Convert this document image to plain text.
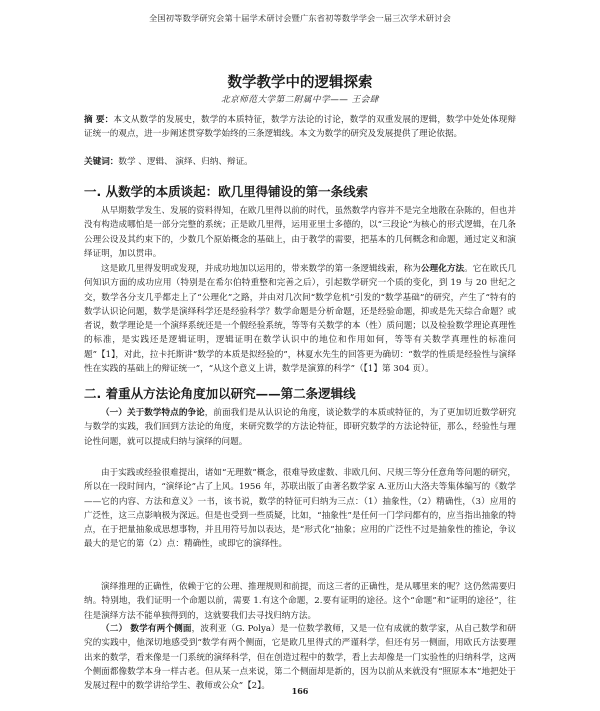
全国初等数学研究会第十届学术研讨会暨广东省初等数学学会一届三次学术研讨会
数学教学中的逻辑探索
北京师范大学第二附属中学—— 王会肆
摘 要：本文从数学的发展史，数学的本质特征，数学方法论的讨论，数学的双重发展的逻辑，数学中处处体现辩证统一的观点，进一步阐述贯穿数学始终的三条逻辑线。本文为数学的研究及发展提供了理论依据。
关键词：数学 、逻辑、 演绎、归纳、辩证。
一. 从数学的本质谈起：欧几里得铺设的第一条线索
从早期数学发生、发展的资料得知，在欧几里得以前的时代，虽然数学内容并不是完全地散在杂陈的，但也并没有构造成哪怕是一部分完整的系统；正是欧几里得，运用亚里士多德的，以“三段论”为核心的形式逻辑，在几条公理公设及其约束下的，少数几个原始概念的基础上，由于教学的需要，把基本的几何概念和命题，通过定义和演绎证明，加以贯串。
这是欧几里得发明或发现，并成功地加以运用的，带来数学的第一条逻辑线索，称为公理化方法。它在欧氏几何知识方面的成功应用（特别是在希尔伯特重整和完善之后），引起数学研究一个质的变化，到 19 与 20 世纪之交，数学各分支几乎都走上了“公理化”之路，并由对几次间“数学危机”引发的“数学基础”的研究，产生了“特有的数学认识论问题，数学是演绎科学还是经验科学？数学命题是分析命题，还是经验命题，抑或是先天综合命题？或者说，数学理论是一个演绎系统还是一个假经验系统，等等有关数学的本（性）质问题；以及检验数学理论真理性的标准，是实践还是逻辑证明，逻辑证明在数学认识中的地位和作用如何，等等有关数学真理性的标准问题”【1】，对此，拉卡托斯讲“数学的本质是拟经验的”，林夏水先生的回答更为确切：“数学的性质是经验性与演绎性在实践的基础上的辩证统一”，“从这个意义上讲，数学是演算的科学”（【1】第 304 页）。
二. 着重从方法论角度加以研究——第二条逻辑线
（一）关于数学特点的争论，前面我们是从认识论的角度，谈论数学的本质或特征的，为了更加切近数学研究与数学的实践，我们回到方法论的角度，来研究数学的方法论特征，即研究数学的方法论特征，那么，经验性与理论性问题，就可以提成归纳与演绎的问题。
由于实践或经验很难提出，诸如“无理数”概念，很难导致虚数、非欧几何、尺规三等分任意角等问题的研究，所以在一段时间内，“演绎论”占了上风。1956 年，苏联出版了由著名数学家 A.亚历山大洛夫等集体编写的《数学——它的内容、方法和意义》一书，该书说，数学的特征可归纳为三点：（1）抽象性，（2）精确性，（3）应用的广泛性，这三点影响极为深远。但是也受到一些质疑，比如，“抽象性”是任何一门学问都有的，应当指出抽象的特点，在于把量抽象成思想事物，并且用符号加以表达，是“形式化”抽象；应用的广泛性不过是抽象性的推论，争议最大的是它的第（2）点：精确性，或即它的演绎性。
演绎推理的正确性，依赖于它的公理、推理规则和前提，而这三者的正确性，是从哪里来的呢？这仍然需要归纳。特别地，我们证明一个命题以前，需要 1.有这个命题，2.要有证明的途径。这个“命题”和“证明的途径”，往往是演绎方法不能单独得到的，这就要我们去寻找归纳方法。
（二） 数学有两个侧面，波利亚（G. Polya）是一位数学教师，又是一位有成就的数学家，从自己数学和研究的实践中，他深切地感受到“数学有两个侧面，它是欧几里得式的严谨科学，但还有另一侧面，用欧氏方法要理出来的数学，看来像是一门系统的演绎科学，但在创造过程中的数学，看上去却像是一门实验性的归纳科学，这两个侧面都像数学本身一样古老。但从某一点来说，第二个侧面却是新的，因为以前从来就没有“照原本本”地把处于发展过程中的数学讲给学生、教师或公众”【2】。	166
